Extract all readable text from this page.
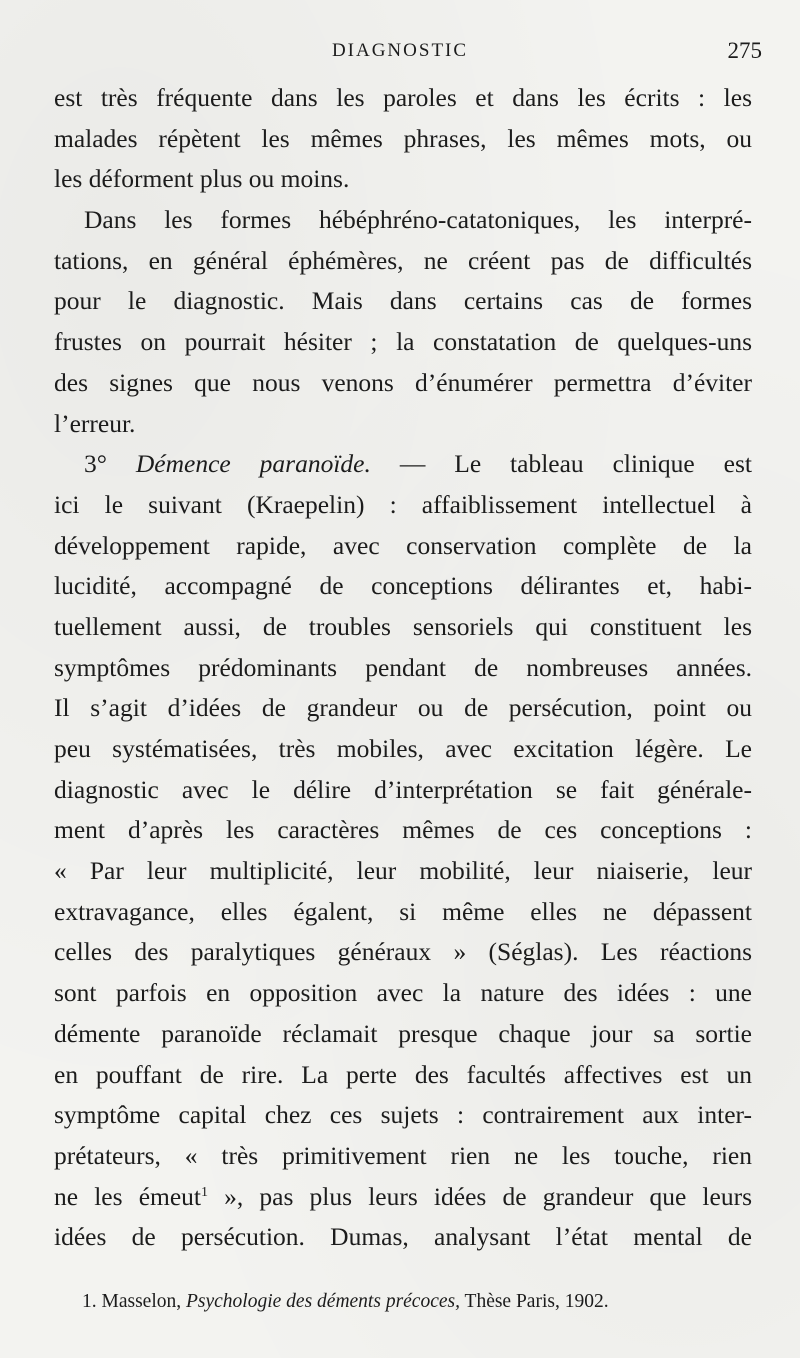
DIAGNOSTIC	275
est très fréquente dans les paroles et dans les écrits : les
malades répètent les mêmes phrases, les mêmes mots, ou
les déforment plus ou moins.
Dans les formes hébéphréno-catatoniques, les interpré-
tations, en général éphémères, ne créent pas de difficultés
pour le diagnostic. Mais dans certains cas de formes
frustes on pourrait hésiter ; la constatation de quelques-uns
des signes que nous venons d’énumérer permettra d’éviter
l’erreur.
3° Démence paranoïde. — Le tableau clinique est
ici le suivant (Kraepelin) : affaiblissement intellectuel à
développement rapide, avec conservation complète de la
lucidité, accompagné de conceptions délirantes et, habi-
tuellement aussi, de troubles sensoriels qui constituent les
symptômes prédominants pendant de nombreuses années.
Il s’agit d’idées de grandeur ou de persécution, point ou
peu systématisées, très mobiles, avec excitation légère. Le
diagnostic avec le délire d’interprétation se fait générale-
ment d’après les caractères mêmes de ces conceptions :
« Par leur multiplicité, leur mobilité, leur niaiserie, leur
extravagance, elles égalent, si même elles ne dépassent
celles des paralytiques généraux » (Séglas). Les réactions
sont parfois en opposition avec la nature des idées : une
démente paranoïde réclamait presque chaque jour sa sortie
en pouffant de rire. La perte des facultés affectives est un
symptôme capital chez ces sujets : contrairement aux inter-
prétateurs, « très primitivement rien ne les touche, rien
ne les émeut$^1$ », pas plus leurs idées de grandeur que leurs
idées de persécution. Dumas, analysant l’état mental de
1. Masselon, Psychologie des déments précoces, Thèse Paris, 1902.
